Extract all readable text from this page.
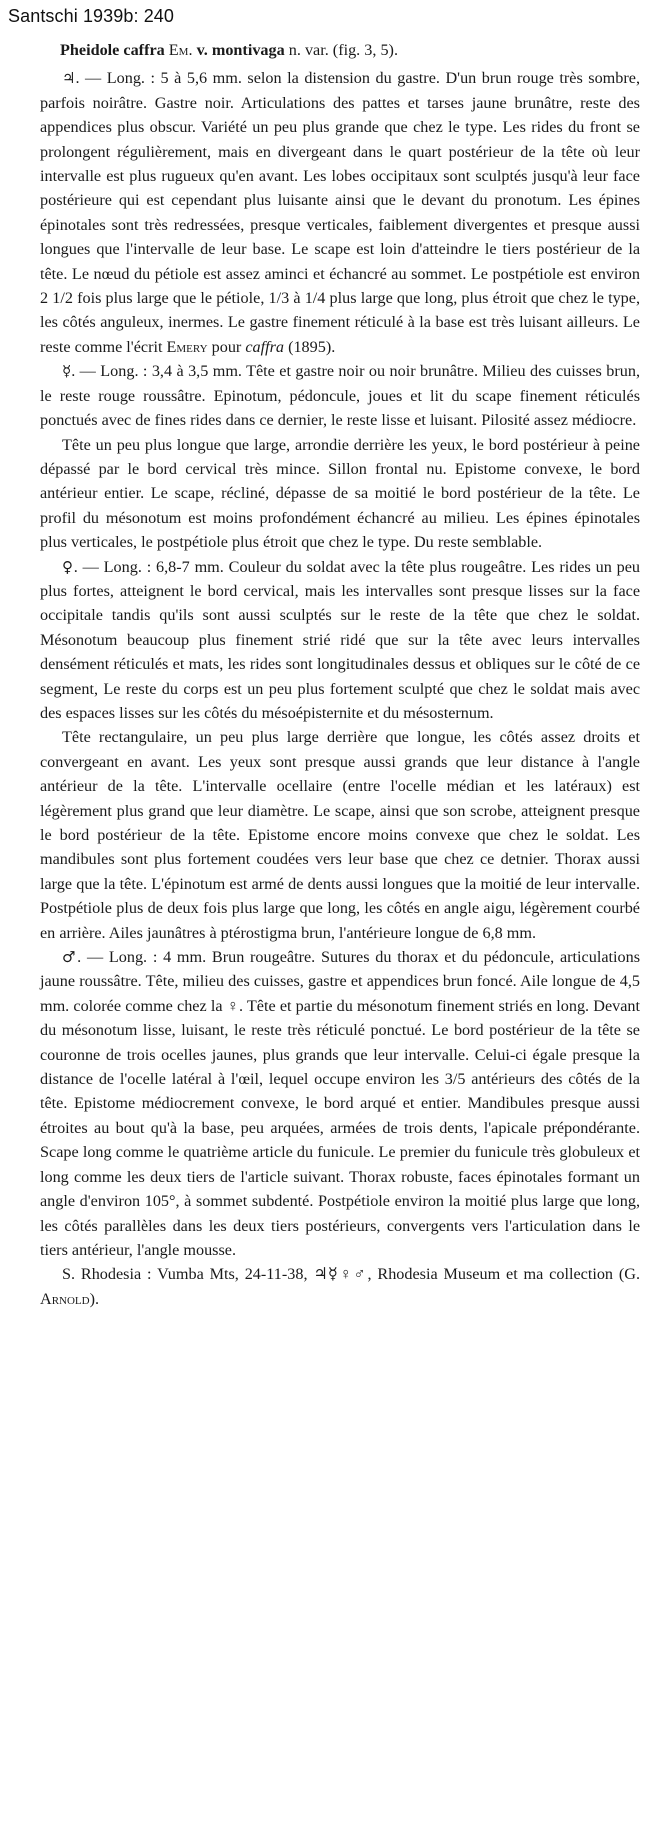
Santschi 1939b: 240

Pheidole caffra Em. v. montivaga n. var. (fig. 3, 5).

♃. — Long. : 5 à 5,6 mm. selon la distension du gastre. D'un brun rouge très sombre, parfois noirâtre. Gastre noir. Articulations des pattes et tarses jaune brunâtre, reste des appendices plus obscur. Variété un peu plus grande que chez le type. Les rides du front se prolongent régulièrement, mais en divergeant dans le quart postérieur de la tête où leur intervalle est plus rugueux qu'en avant. Les lobes occipitaux sont sculptés jusqu'à leur face postérieure qui est cependant plus luisante ainsi que le devant du pronotum. Les épines épinotales sont très redressées, presque verticales, faiblement divergentes et presque aussi longues que l'intervalle de leur base. Le scape est loin d'atteindre le tiers postérieur de la tête. Le nœud du pétiole est assez aminci et échancré au sommet. Le postpétiole est environ 2 1/2 fois plus large que le pétiole, 1/3 à 1/4 plus large que long, plus étroit que chez le type, les côtés anguleux, inermes. Le gastre finement réticulé à la base est très luisant ailleurs. Le reste comme l'écrit Emery pour caffra (1895).

☿. — Long. : 3,4 à 3,5 mm. Tête et gastre noir ou noir brunâtre. Milieu des cuisses brun, le reste rouge roussâtre. Epinotum, pédoncule, joues et lit du scape finement réticulés ponctués avec de fines rides dans ce dernier, le reste lisse et luisant. Pilosité assez médiocre.

Tête un peu plus longue que large, arrondie derrière les yeux, le bord postérieur à peine dépassé par le bord cervical très mince. Sillon frontal nu. Epistome convexe, le bord antérieur entier. Le scape, récliné, dépasse de sa moitié le bord postérieur de la tête. Le profil du mésonotum est moins profondément échancré au milieu. Les épines épinotales plus verticales, le postpétiole plus étroit que chez le type. Du reste semblable.

♀. — Long. : 6,8-7 mm. Couleur du soldat avec la tête plus rougeâtre. Les rides un peu plus fortes, atteignent le bord cervical, mais les intervalles sont presque lisses sur la face occipitale tandis qu'ils sont aussi sculptés sur le reste de la tête que chez le soldat. Mésonotum beaucoup plus finement strié ridé que sur la tête avec leurs intervalles densément réticulés et mats, les rides sont longitudinales dessus et obliques sur le côté de ce segment, Le reste du corps est un peu plus fortement sculpté que chez le soldat mais avec des espaces lisses sur les côtés du mésoépisternite et du mésosternum.

Tête rectangulaire, un peu plus large derrière que longue, les côtés assez droits et convergeant en avant. Les yeux sont presque aussi grands que leur distance à l'angle antérieur de la tête. L'intervalle ocellaire (entre l'ocelle médian et les latéraux) est légèrement plus grand que leur diamètre. Le scape, ainsi que son scrobe, atteignent presque le bord postérieur de la tête. Epistome encore moins convexe que chez le soldat. Les mandibules sont plus fortement coudées vers leur base que chez ce detnier. Thorax aussi large que la tête. L'épinotum est armé de dents aussi longues que la moitié de leur intervalle. Postpétiole plus de deux fois plus large que long, les côtés en angle aigu, légèrement courbé en arrière. Ailes jaunâtres à ptérostigma brun, l'antérieure longue de 6,8 mm.

♂. — Long. : 4 mm. Brun rougeâtre. Sutures du thorax et du pédoncule, articulations jaune roussâtre. Tête, milieu des cuisses, gastre et appendices brun foncé. Aile longue de 4,5 mm. colorée comme chez la ♀. Tête et partie du mésonotum finement striés en long. Devant du mésonotum lisse, luisant, le reste très réticulé ponctué. Le bord postérieur de la tête se couronne de trois ocelles jaunes, plus grands que leur intervalle. Celui-ci égale presque la distance de l'ocelle latéral à l'œil, lequel occupe environ les 3/5 antérieurs des côtés de la tête. Epistome médiocrement convexe, le bord arqué et entier. Mandibules presque aussi étroites au bout qu'à la base, peu arquées, armées de trois dents, l'apicale prépondérante. Scape long comme le quatrième article du funicule. Le premier du funicule très globuleux et long comme les deux tiers de l'article suivant. Thorax robuste, faces épinotales formant un angle d'environ 105°, à sommet subdenté. Postpétiole environ la moitié plus large que long, les côtés parallèles dans les deux tiers postérieurs, convergents vers l'articulation dans le tiers antérieur, l'angle mousse.

S. Rhodesia : Vumba Mts, 24-11-38, ♃☿♀♂, Rhodesia Museum et ma collection (G. Arnold).
